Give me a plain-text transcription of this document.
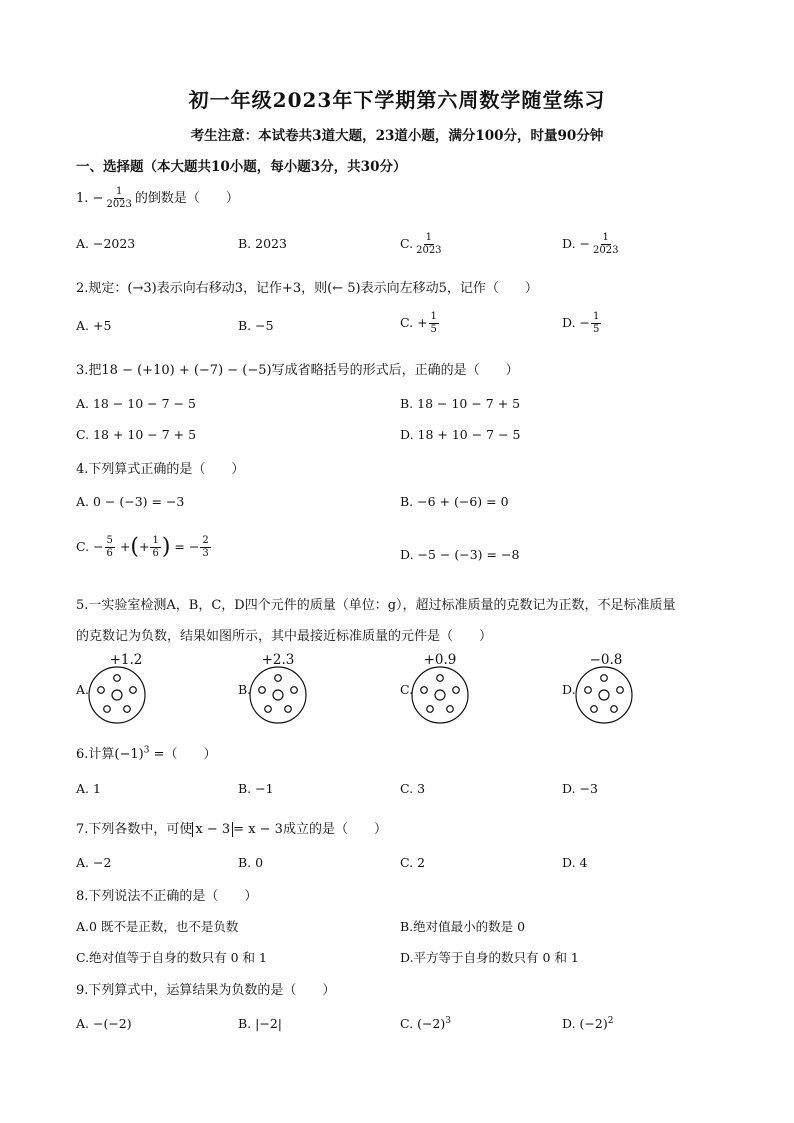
初一年级2023年下学期第六周数学随堂练习
考生注意：本试卷共3道大题，23道小题，满分100分，时量90分钟
一、选择题（本大题共10小题，每小题3分，共30分）
1. − $\frac{1}{2023}$ 的倒数是（　　）
A. −2023	B. 2023	C. $\frac{1}{2023}$	D. − $\frac{1}{2023}$
2.规定：(→3)表示向右移动3，记作+3，则(← 5)表示向左移动5，记作（　　）
A. +5	B. −5	C. + $\frac{1}{5}$	D. − $\frac{1}{5}$
3.把18 − (+10) + (−7) − (−5)写成省略括号的形式后，正确的是（　　）
A. 18 − 10 − 7 − 5	B. 18 − 10 − 7 + 5
C. 18 + 10 − 7 + 5	D. 18 + 10 − 7 − 5
4.下列算式正确的是（　　）
A. 0 − (−3) = −3	B. −6 + (−6) = 0
C. − $\frac{5}{6}$ +(+ $\frac{1}{6}$ ) = − $\frac{2}{3}$	D. −5 − (−3) = −8
5.一实验室检测A，B，C，D四个元件的质量（单位：g），超过标准质量的克数记为正数，不足标准质量
的克数记为负数，结果如图所示，其中最接近标准质量的元件是（　　）
+1.2
A.
+2.3
B.
+0.9
C.
−0.8
D.
6.计算$(-1)^3$ =（　　）
A. 1	B. −1	C. 3	D. −3
7.下列各数中，可使 x − 3 = x − 3成立的是（　　）
A. −2	B. 0	C. 2	D. 4
8.下列说法不正确的是（　　）
A.0 既不是正数，也不是负数	B.绝对值最小的数是 0
C.绝对值等于自身的数只有 0 和 1	D.平方等于自身的数只有 0 和 1
9.下列算式中，运算结果为负数的是（　　）
A. −(−2)	B. |−2|	C. $(-2)^3$	D. $(-2)^2$
